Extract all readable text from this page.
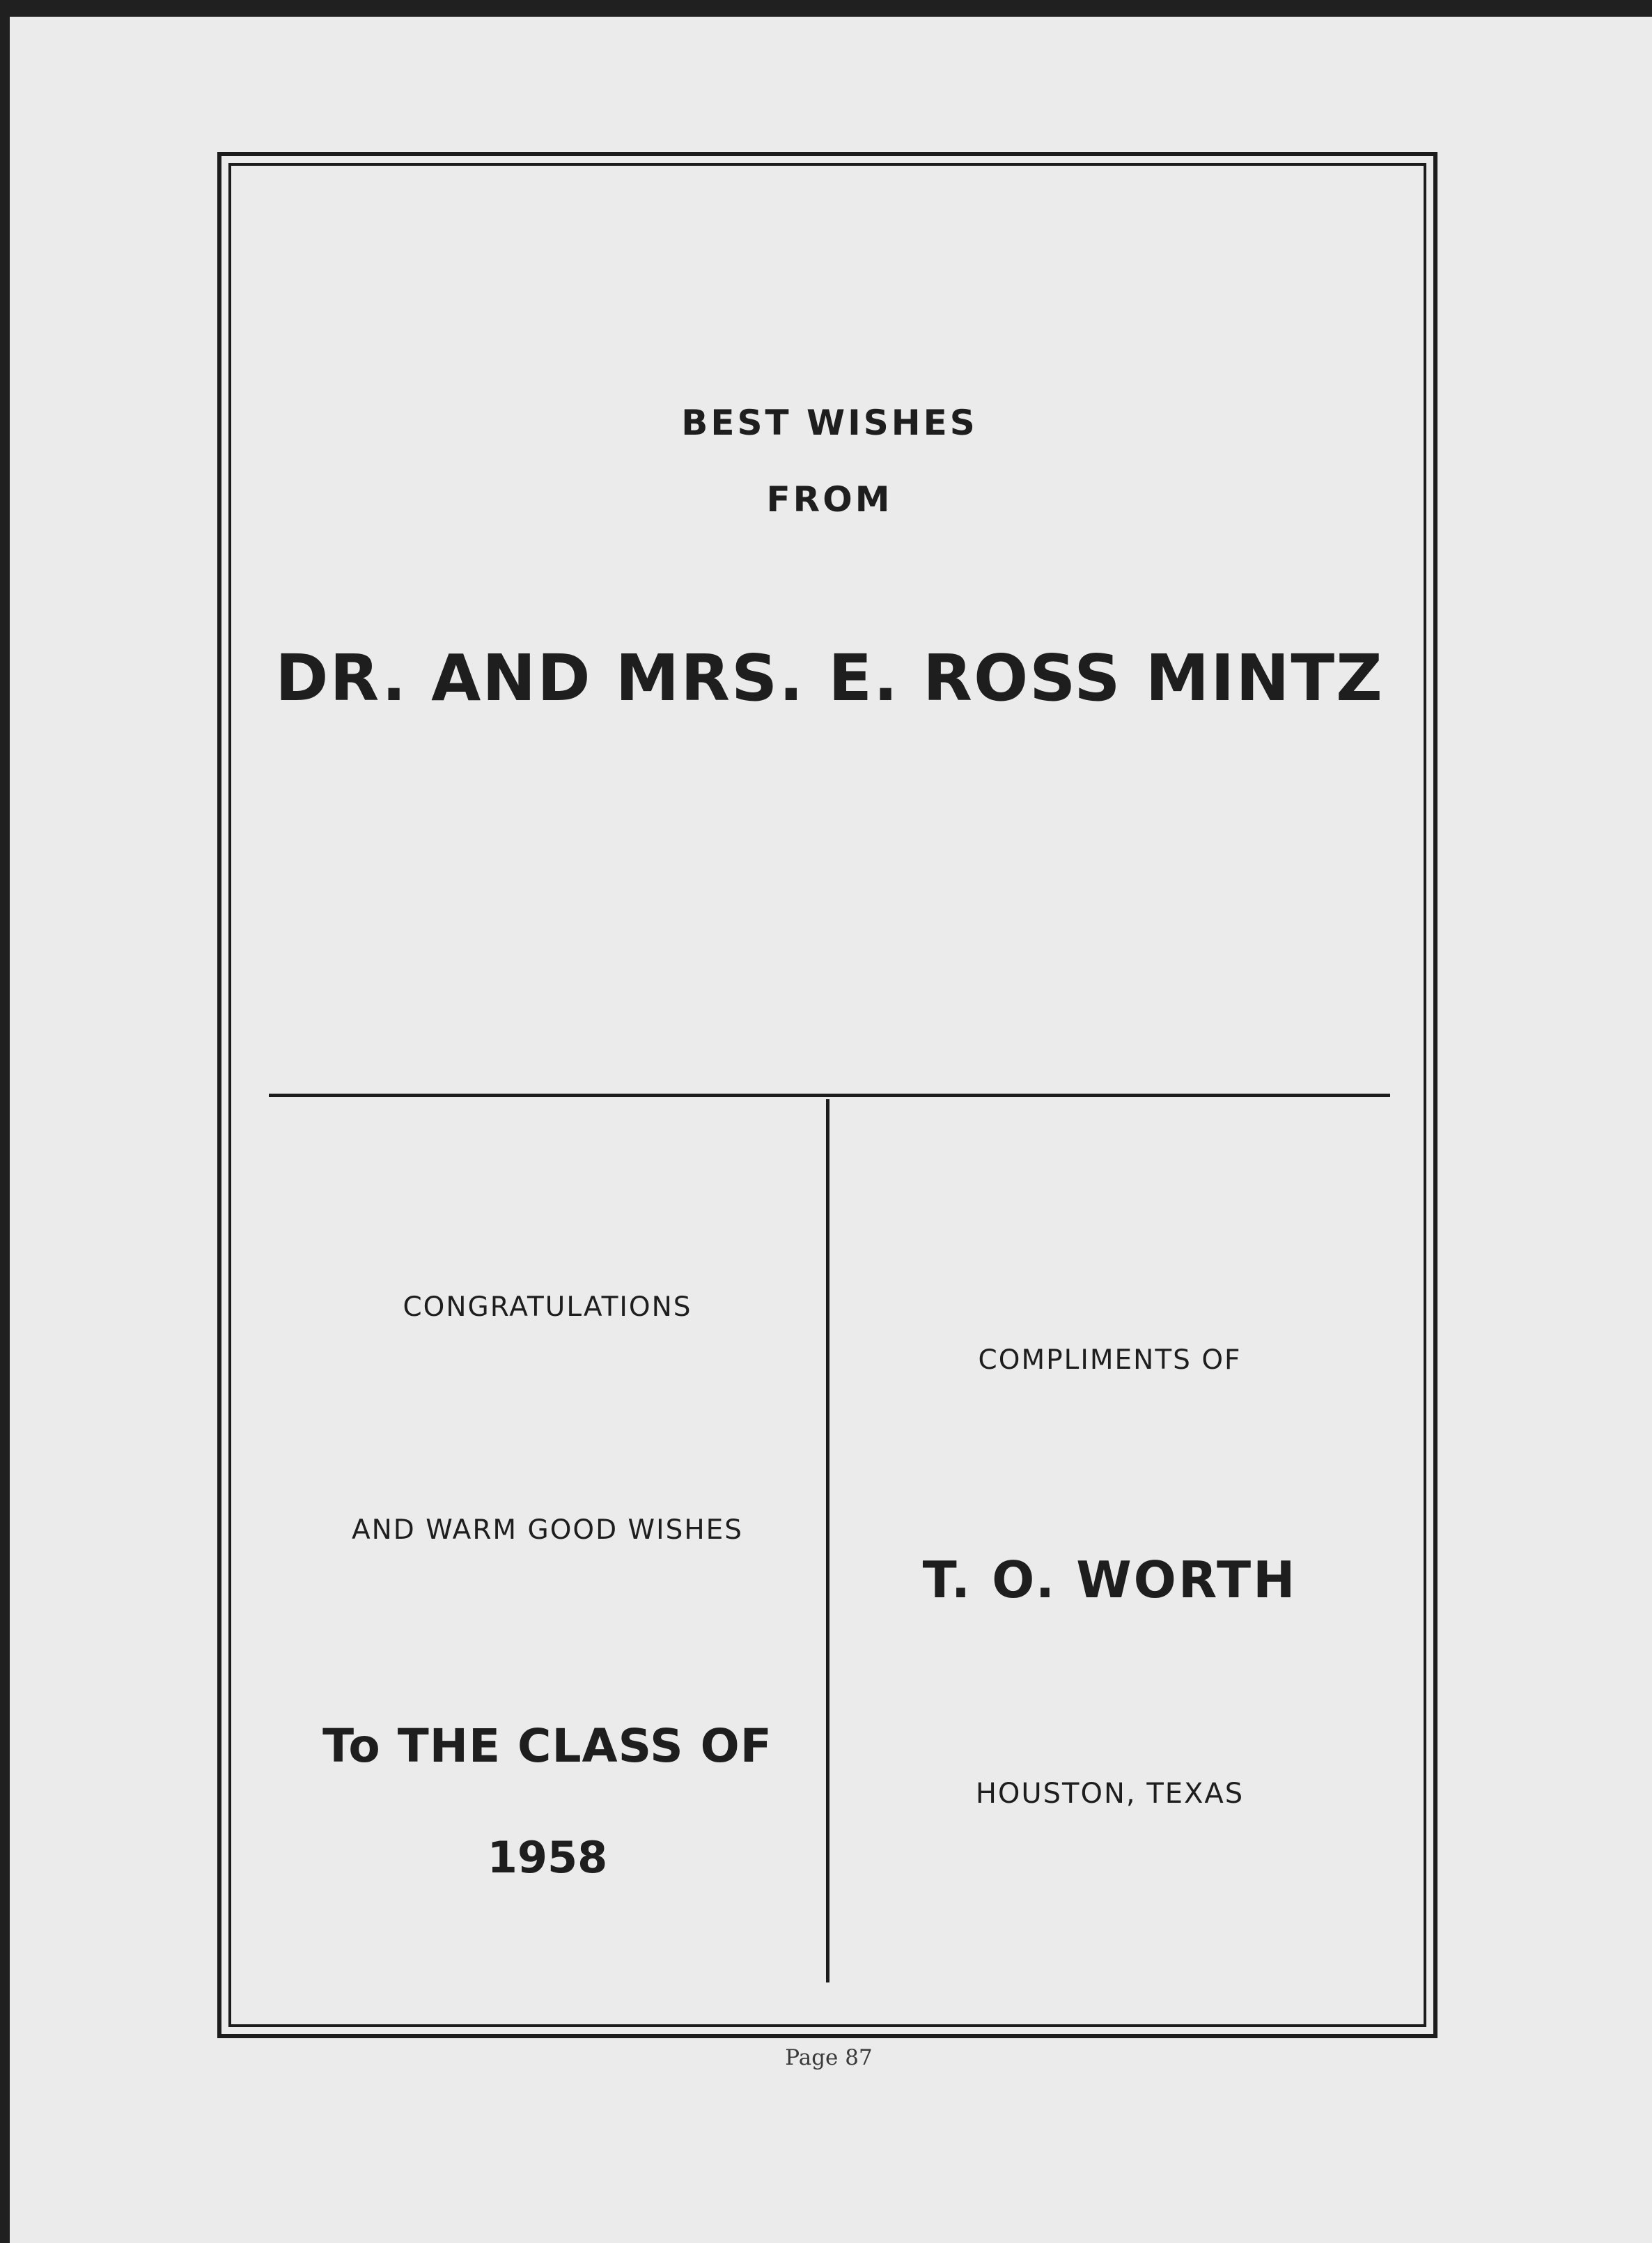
BEST WISHES
FROM
DR. AND MRS. E. ROSS MINTZ
CONGRATULATIONS
AND WARM GOOD WISHES
To THE CLASS OF
1958
COMPLIMENTS OF
T. O. WORTH
HOUSTON, TEXAS
Page 87
